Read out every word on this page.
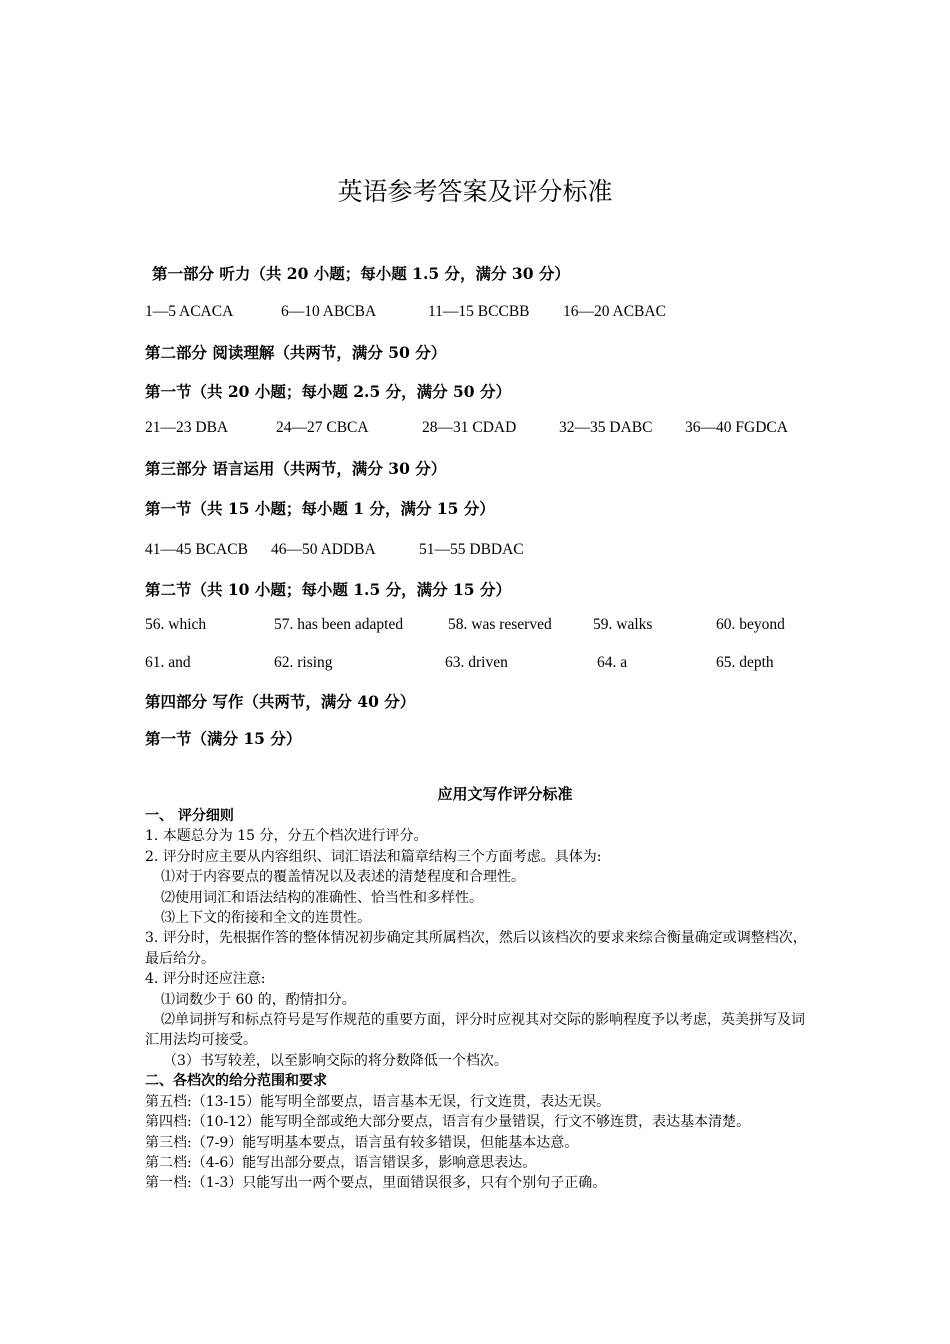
英语参考答案及评分标准
第一部分 听力（共 20 小题；每小题 1.5 分，满分 30 分）
1—5 ACACA	6—10 ABCBA	11—15 BCCBB 16—20 ACBAC
第二部分 阅读理解（共两节，满分 50 分）
第一节（共 20 小题；每小题 2.5 分，满分 50 分）
21—23 DBA	24—27 CBCA	28—31 CDAD	32—35 DABC 36—40 FGDCA
第三部分 语言运用（共两节，满分 30 分）
第一节（共 15 小题；每小题 1 分，满分 15 分）
41—45 BCACB 46—50 ADDBA	51—55 DBDAC
第二节（共 10 小题；每小题 1.5 分，满分 15 分）
56. which	57. has been adapted	58. was reserved	59. walks	60. beyond
61. and	62. rising	63. driven	64. a	65. depth
第四部分 写作（共两节，满分 40 分）
第一节（满分 15 分）
应用文写作评分标准
一、 评分细则
1. 本题总分为 15 分，分五个档次进行评分。
2. 评分时应主要从内容组织、词汇语法和篇章结构三个方面考虑。具体为:
⑴对于内容要点的覆盖情况以及表述的清楚程度和合理性。
⑵使用词汇和语法结构的准确性、恰当性和多样性。
⑶上下文的衔接和全文的连贯性。
3. 评分时，先根据作答的整体情况初步确定其所属档次，然后以该档次的要求来综合衡量确定或调整档次，最后给分。
4. 评分时还应注意:
⑴词数少于 60 的，酌情扣分。
⑵单词拼写和标点符号是写作规范的重要方面，评分时应视其对交际的影响程度予以考虑，英美拼写及词汇用法均可接受。
（3）书写较差，以至影响交际的将分数降低一个档次。
二、各档次的给分范围和要求
第五档:（13-15）能写明全部要点，语言基本无误，行文连贯，表达无误。
第四档:（10-12）能写明全部或绝大部分要点，语言有少量错误，行文不够连贯，表达基本清楚。
第三档:（7-9）能写明基本要点，语言虽有较多错误，但能基本达意。
第二档:（4-6）能写出部分要点，语言错误多，影响意思表达。
第一档:（1-3）只能写出一两个要点，里面错误很多，只有个别句子正确。
